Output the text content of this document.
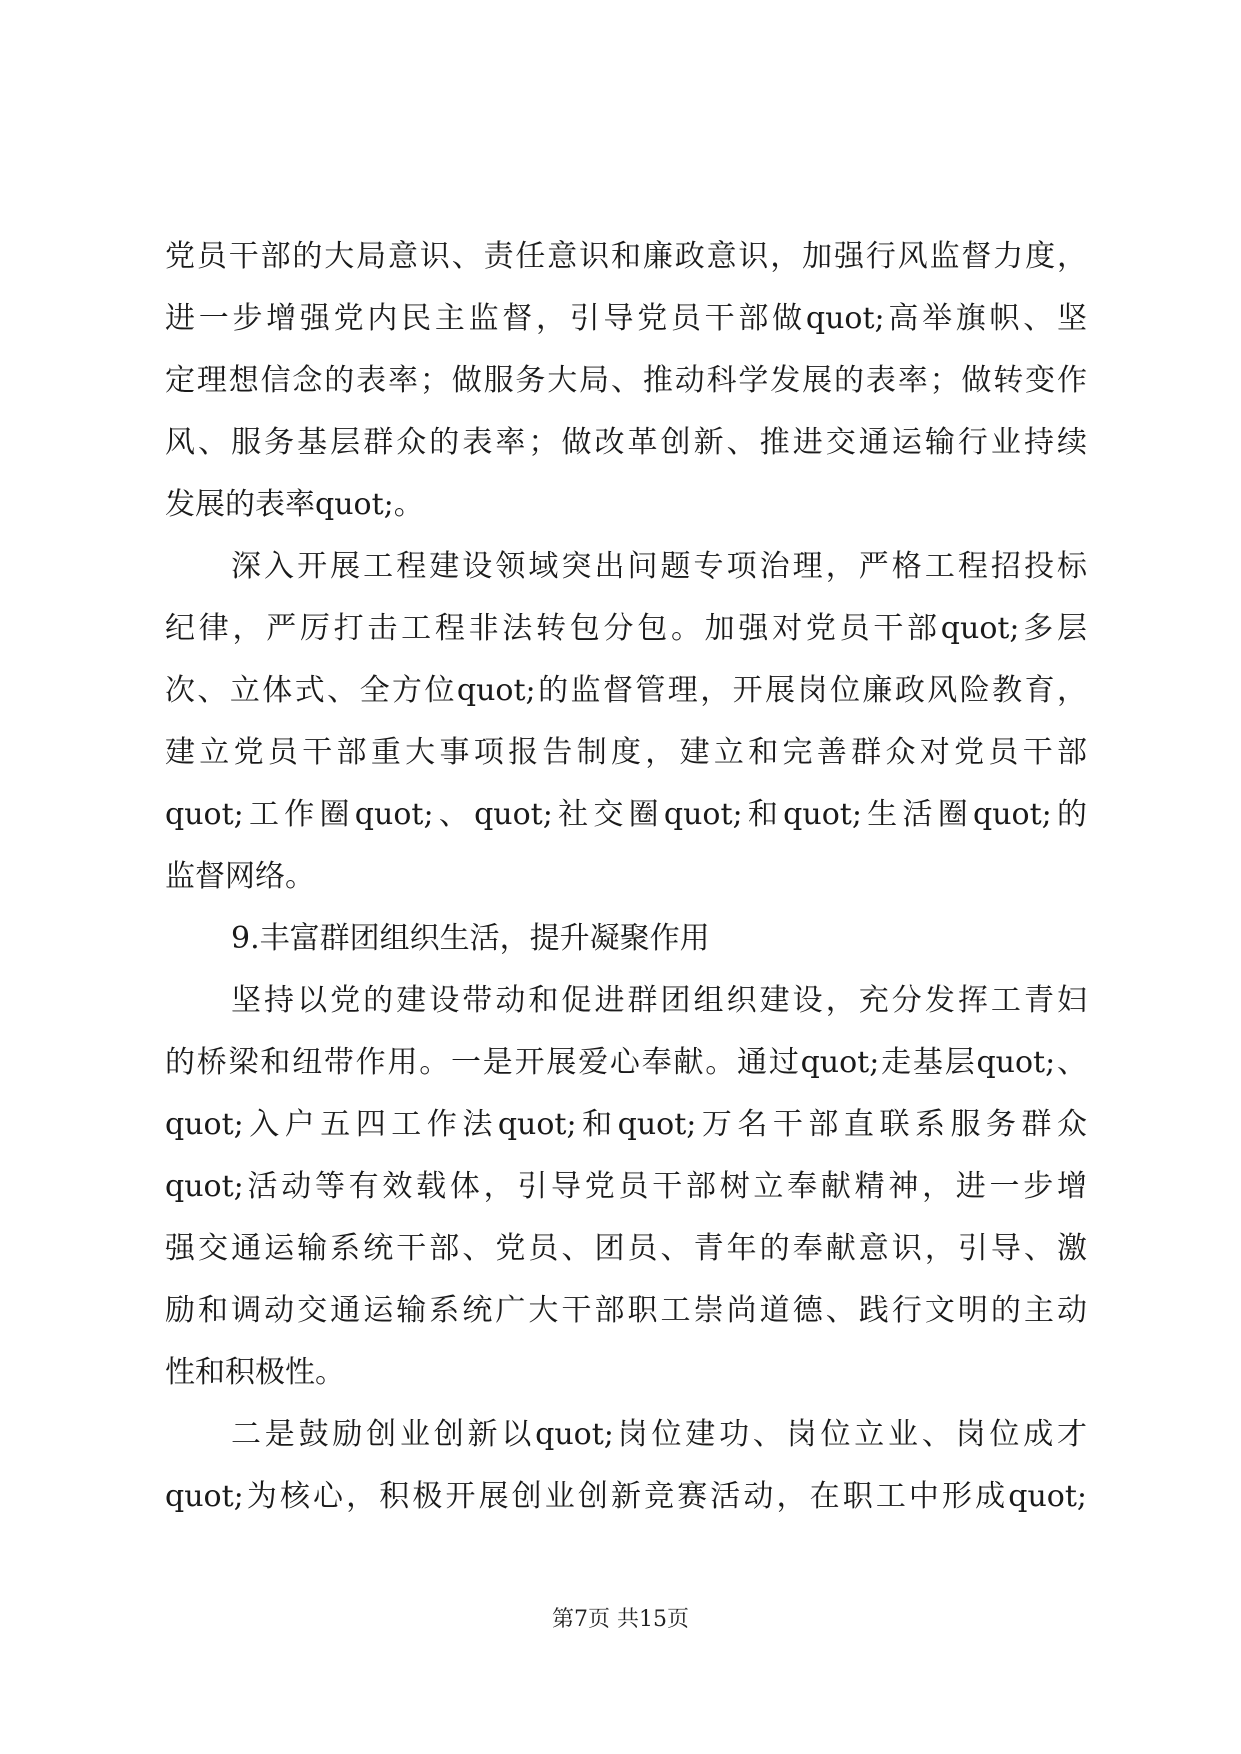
党员干部的大局意识、责任意识和廉政意识，加强行风监督力度，
进一步增强党内民主监督，引导党员干部做quot;高举旗帜、坚
定理想信念的表率；做服务大局、推动科学发展的表率；做转变作
风、服务基层群众的表率；做改革创新、推进交通运输行业持续
发展的表率quot;。
深入开展工程建设领域突出问题专项治理，严格工程招投标
纪律，严厉打击工程非法转包分包。加强对党员干部quot;多层
次、立体式、全方位quot;的监督管理，开展岗位廉政风险教育，
建立党员干部重大事项报告制度，建立和完善群众对党员干部
quot;工作圈quot;、quot;社交圈quot;和quot;生活圈quot;的
监督网络。
9.丰富群团组织生活，提升凝聚作用
坚持以党的建设带动和促进群团组织建设，充分发挥工青妇
的桥梁和纽带作用。一是开展爱心奉献。通过quot;走基层quot;、
quot;入户五四工作法quot;和quot;万名干部直联系服务群众
quot;活动等有效载体，引导党员干部树立奉献精神，进一步增
强交通运输系统干部、党员、团员、青年的奉献意识，引导、激
励和调动交通运输系统广大干部职工崇尚道德、践行文明的主动
性和积极性。
二是鼓励创业创新以quot;岗位建功、岗位立业、岗位成才
quot;为核心，积极开展创业创新竞赛活动，在职工中形成quot;
第7页 共15页
